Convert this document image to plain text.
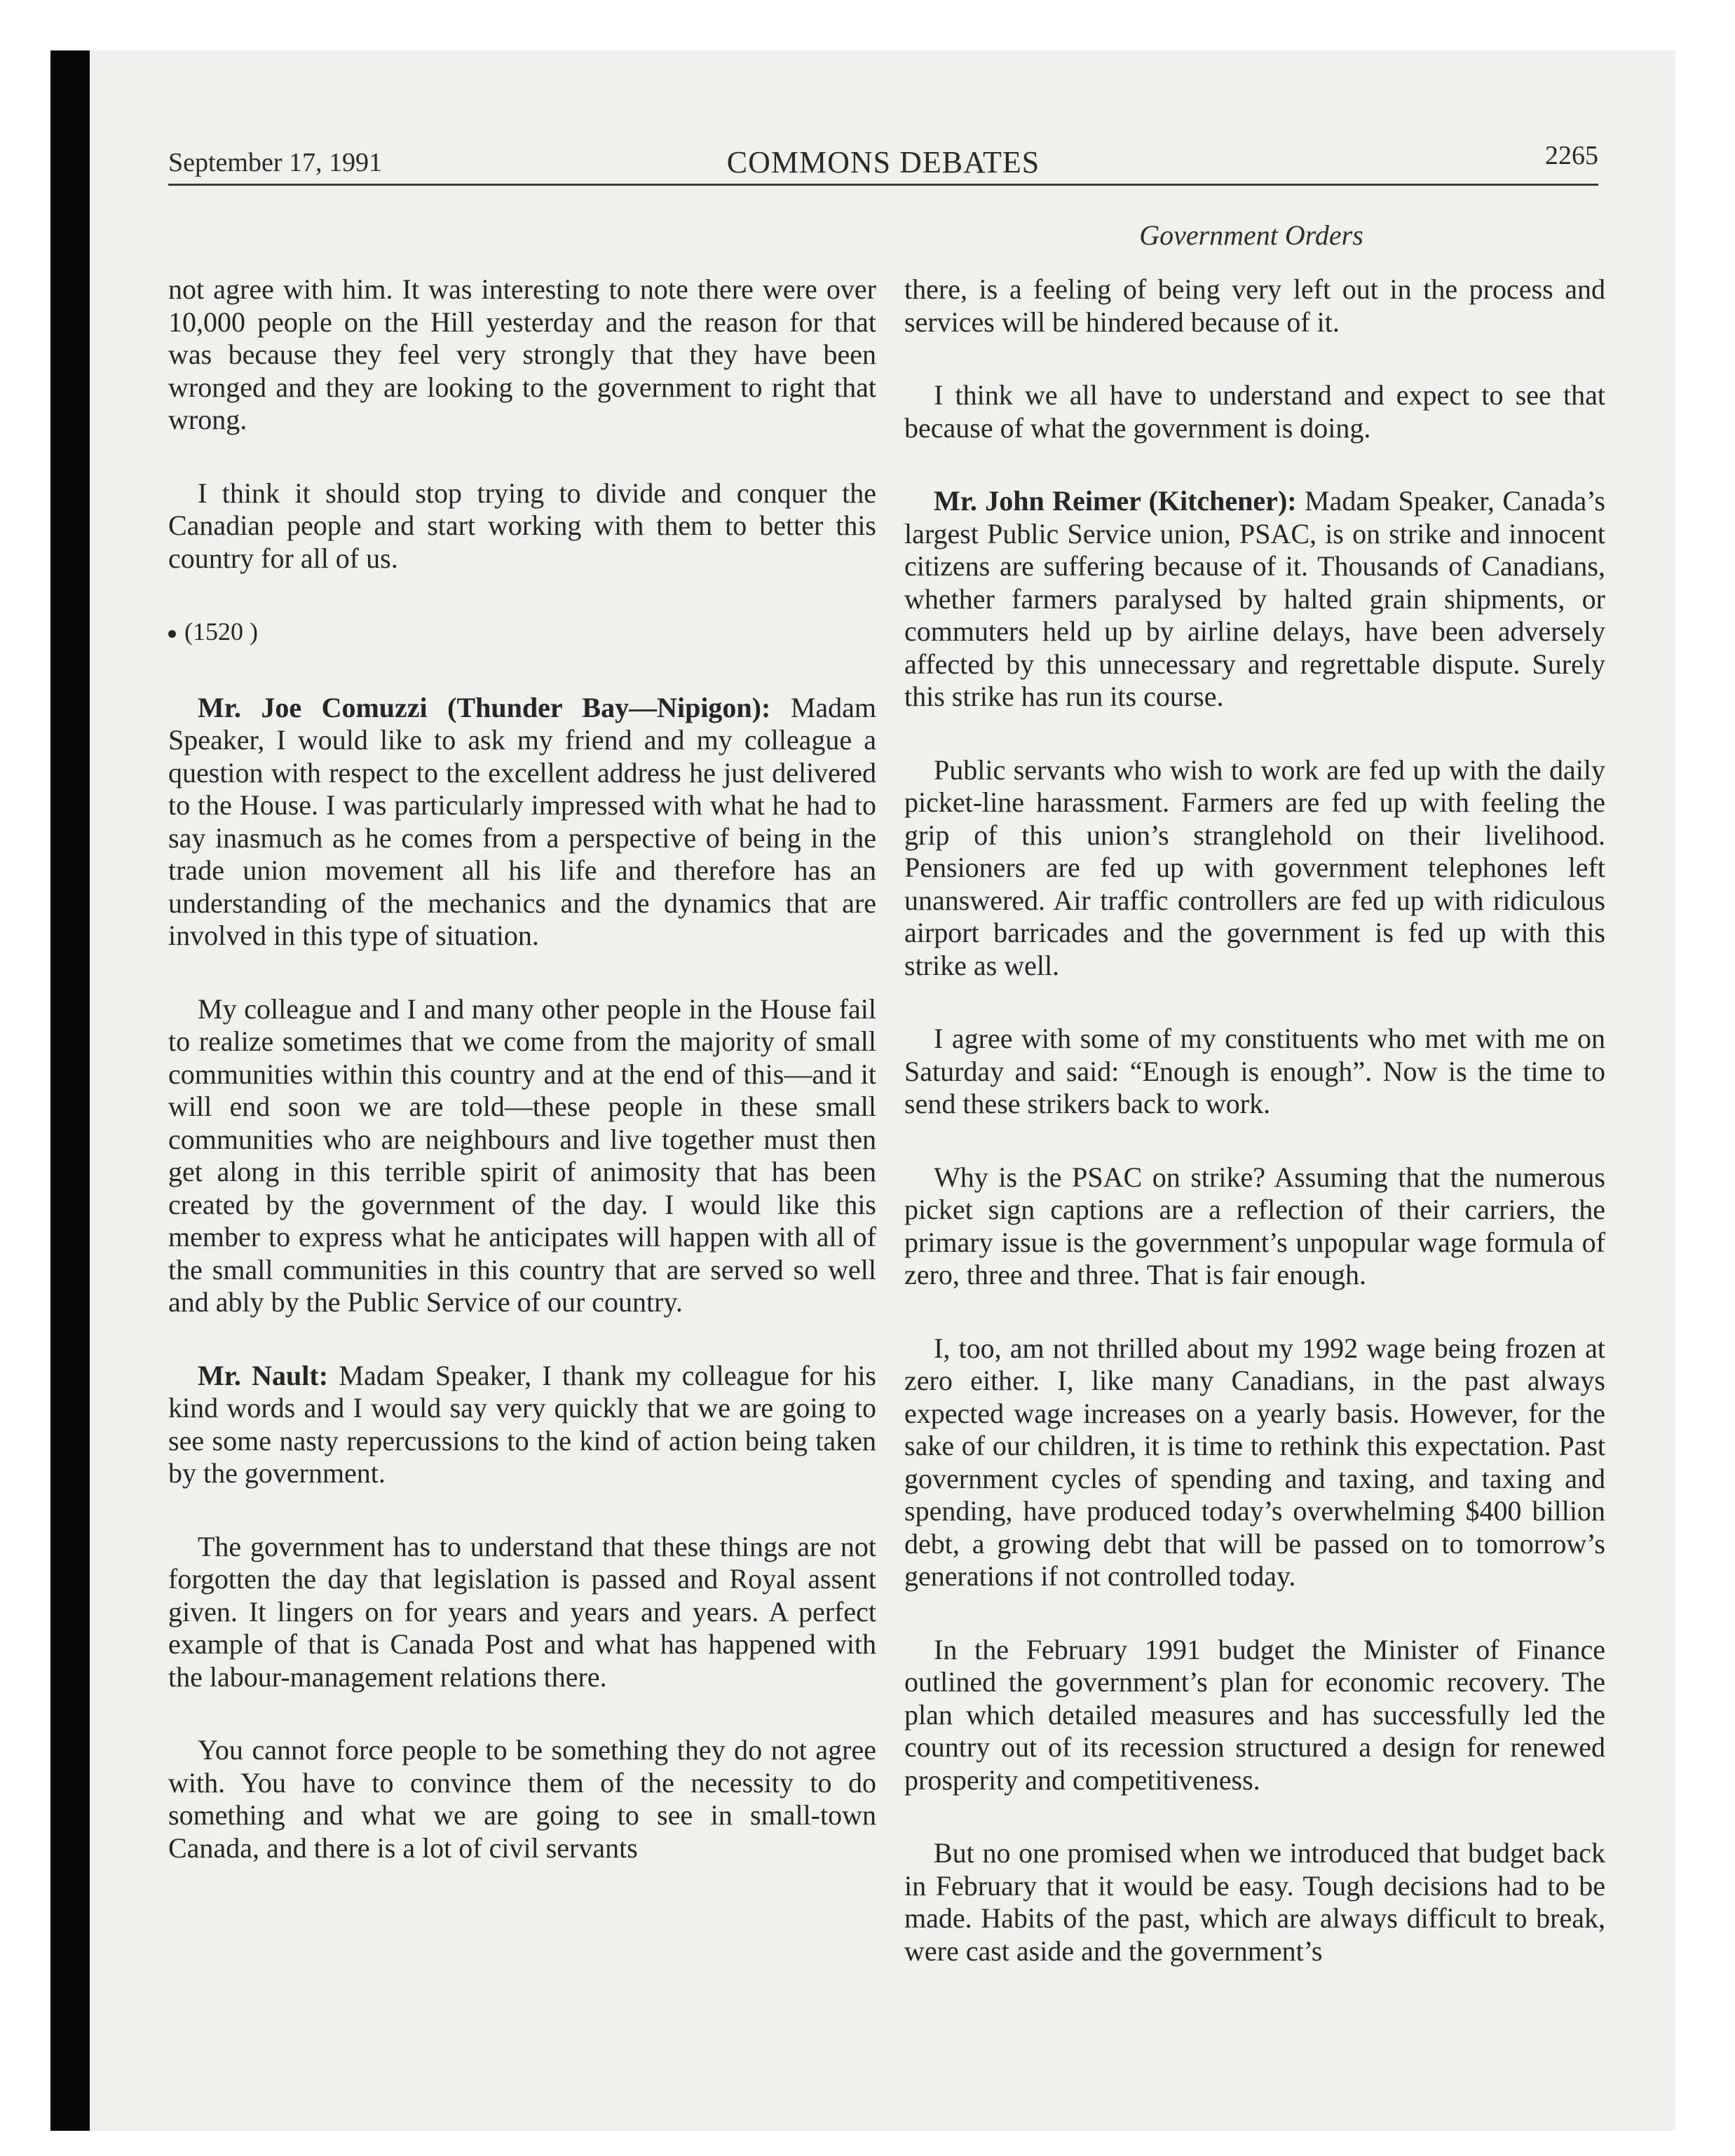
September 17, 1991	COMMONS DEBATES	2265
Government Orders

not agree with him. It was interesting to note there were over 10,000 people on the Hill yesterday and the reason for that was because they feel very strongly that they have been wronged and they are looking to the government to right that wrong.

I think it should stop trying to divide and conquer the Canadian people and start working with them to better this country for all of us.

(1520 )

Mr. Joe Comuzzi (Thunder Bay—Nipigon): Madam Speaker, I would like to ask my friend and my colleague a question with respect to the excellent address he just delivered to the House. I was particularly impressed with what he had to say inasmuch as he comes from a perspective of being in the trade union movement all his life and therefore has an understanding of the mechanics and the dynamics that are involved in this type of situation.

My colleague and I and many other people in the House fail to realize sometimes that we come from the majority of small communities within this country and at the end of this—and it will end soon we are told—these people in these small communities who are neighbours and live together must then get along in this terrible spirit of animosity that has been created by the government of the day. I would like this member to express what he anticipates will happen with all of the small communities in this country that are served so well and ably by the Public Service of our country.

Mr. Nault: Madam Speaker, I thank my colleague for his kind words and I would say very quickly that we are going to see some nasty repercussions to the kind of action being taken by the government.

The government has to understand that these things are not forgotten the day that legislation is passed and Royal assent given. It lingers on for years and years and years. A perfect example of that is Canada Post and what has happened with the labour-management relations there.

You cannot force people to be something they do not agree with. You have to convince them of the necessity to do something and what we are going to see in small-town Canada, and there is a lot of civil servants

there, is a feeling of being very left out in the process and services will be hindered because of it.

I think we all have to understand and expect to see that because of what the government is doing.

Mr. John Reimer (Kitchener): Madam Speaker, Canada’s largest Public Service union, PSAC, is on strike and innocent citizens are suffering because of it. Thousands of Canadians, whether farmers paralysed by halted grain shipments, or commuters held up by airline delays, have been adversely affected by this unnecessary and regrettable dispute. Surely this strike has run its course.

Public servants who wish to work are fed up with the daily picket-line harassment. Farmers are fed up with feeling the grip of this union’s stranglehold on their livelihood. Pensioners are fed up with government telephones left unanswered. Air traffic controllers are fed up with ridiculous airport barricades and the government is fed up with this strike as well.

I agree with some of my constituents who met with me on Saturday and said: “Enough is enough”. Now is the time to send these strikers back to work.

Why is the PSAC on strike? Assuming that the numerous picket sign captions are a reflection of their carriers, the primary issue is the government’s unpopular wage formula of zero, three and three. That is fair enough.

I, too, am not thrilled about my 1992 wage being frozen at zero either. I, like many Canadians, in the past always expected wage increases on a yearly basis. However, for the sake of our children, it is time to rethink this expectation. Past government cycles of spending and taxing, and taxing and spending, have produced today’s overwhelming $400 billion debt, a growing debt that will be passed on to tomorrow’s generations if not controlled today.

In the February 1991 budget the Minister of Finance outlined the government’s plan for economic recovery. The plan which detailed measures and has successfully led the country out of its recession structured a design for renewed prosperity and competitiveness.

But no one promised when we introduced that budget back in February that it would be easy. Tough decisions had to be made. Habits of the past, which are always difficult to break, were cast aside and the government’s
